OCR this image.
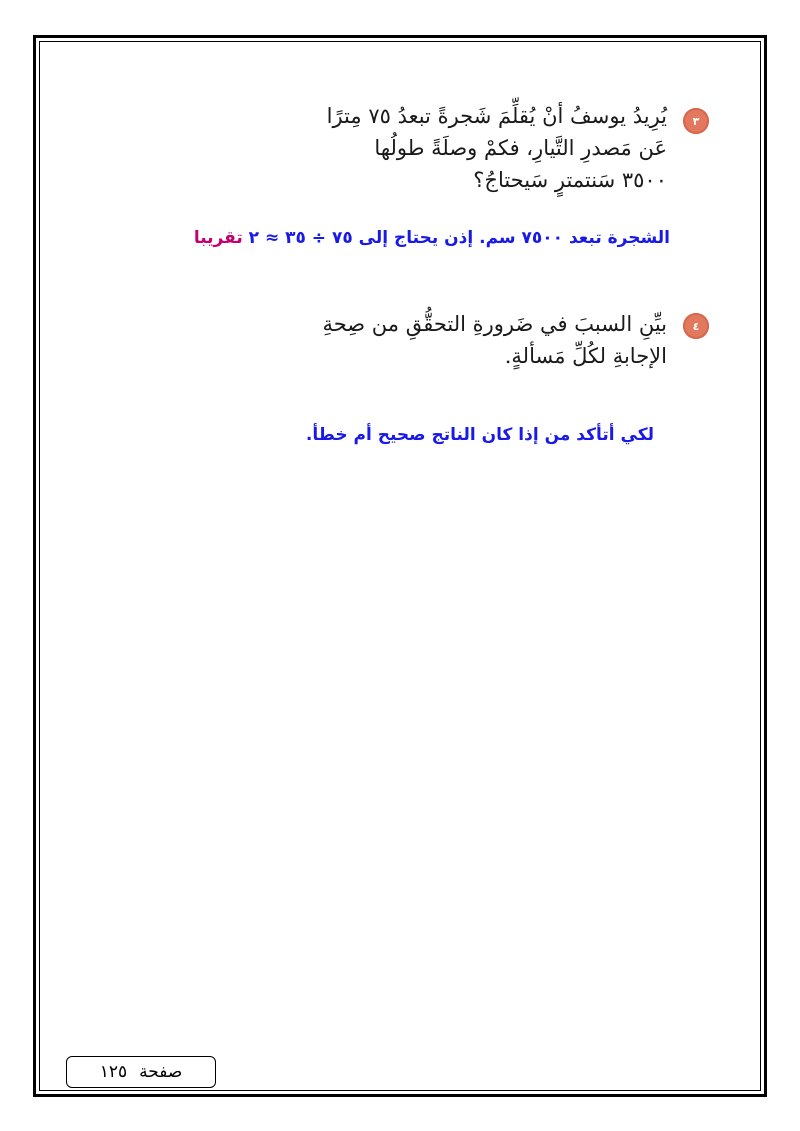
٣
يُرِيدُ يوسفُ أنْ يُقلِّمَ شَجرةً تبعدُ ٧٥ مِترًا
عَن مَصدرِ التَّيارِ، فكمْ وصلَةً طولُها
٣٥٠٠ سَنتمترٍ سَيحتاجُ؟
الشجرة تبعد ٧٥٠٠ سم. إذن يحتاج إلى ٧٥ ÷ ٣٥ ≈ ٢ تقريبا
٤
بيِّنِ السببَ في ضَرورةِ التحقُّقِ من صِحةِ
الإجابةِ لكُلِّ مَسألةٍ.
لكي أتأكد من إذا كان الناتج صحيح أم خطأ.
صفحة
١٢٥
